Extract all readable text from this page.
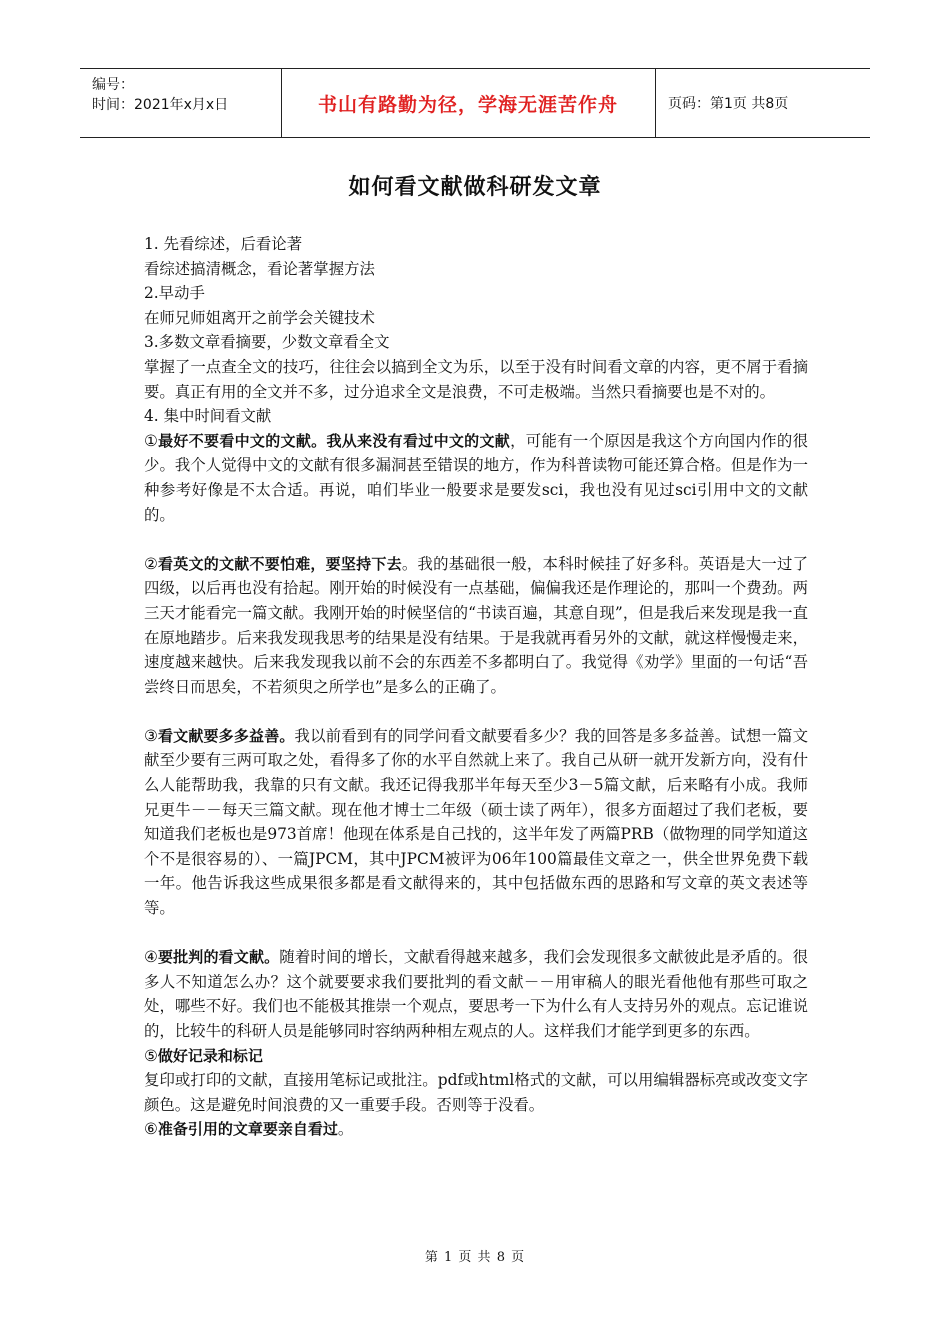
编号：
时间：2021年x月x日	书山有路勤为径，学海无涯苦作舟	页码：第1页 共8页
如何看文献做科研发文章

1. 先看综述，后看论著

看综述搞清概念，看论著掌握方法

2.早动手

在师兄师姐离开之前学会关键技术

3.多数文章看摘要，少数文章看全文

掌握了一点查全文的技巧，往往会以搞到全文为乐，以至于没有时间看文章的内容，更不屑于看摘要。真正有用的全文并不多，过分追求全文是浪费，不可走极端。当然只看摘要也是不对的。

4. 集中时间看文献

①最好不要看中文的文献。我从来没有看过中文的文献，可能有一个原因是我这个方向国内作的很少。我个人觉得中文的文献有很多漏洞甚至错误的地方，作为科普读物可能还算合格。但是作为一种参考好像是不太合适。再说，咱们毕业一般要求是要发sci，我也没有见过sci引用中文的文献的。

②看英文的文献不要怕难，要坚持下去。我的基础很一般，本科时候挂了好多科。英语是大一过了四级，以后再也没有拾起。刚开始的时候没有一点基础，偏偏我还是作理论的，那叫一个费劲。两三天才能看完一篇文献。我刚开始的时候坚信的“书读百遍，其意自现”，但是我后来发现是我一直在原地踏步。后来我发现我思考的结果是没有结果。于是我就再看另外的文献，就这样慢慢走来，速度越来越快。后来我发现我以前不会的东西差不多都明白了。我觉得《劝学》里面的一句话“吾尝终日而思矣，不若须臾之所学也”是多么的正确了。

③看文献要多多益善。我以前看到有的同学问看文献要看多少？我的回答是多多益善。试想一篇文献至少要有三两可取之处，看得多了你的水平自然就上来了。我自己从研一就开发新方向，没有什么人能帮助我，我靠的只有文献。我还记得我那半年每天至少3－5篇文献，后来略有小成。我师兄更牛－－每天三篇文献。现在他才博士二年级（硕士读了两年），很多方面超过了我们老板，要知道我们老板也是973首席！他现在体系是自己找的，这半年发了两篇PRB（做物理的同学知道这个不是很容易的）、一篇JPCM，其中JPCM被评为06年100篇最佳文章之一，供全世界免费下载一年。他告诉我这些成果很多都是看文献得来的，其中包括做东西的思路和写文章的英文表述等等。

④要批判的看文献。随着时间的增长，文献看得越来越多，我们会发现很多文献彼此是矛盾的。很多人不知道怎么办？这个就要要求我们要批判的看文献－－用审稿人的眼光看他他有那些可取之处，哪些不好。我们也不能极其推崇一个观点，要思考一下为什么有人支持另外的观点。忘记谁说的，比较牛的科研人员是能够同时容纳两种相左观点的人。这样我们才能学到更多的东西。

⑤做好记录和标记

复印或打印的文献，直接用笔标记或批注。pdf或html格式的文献，可以用编辑器标亮或改变文字颜色。这是避免时间浪费的又一重要手段。否则等于没看。

⑥准备引用的文章要亲自看过。

第 1 页 共 8 页
